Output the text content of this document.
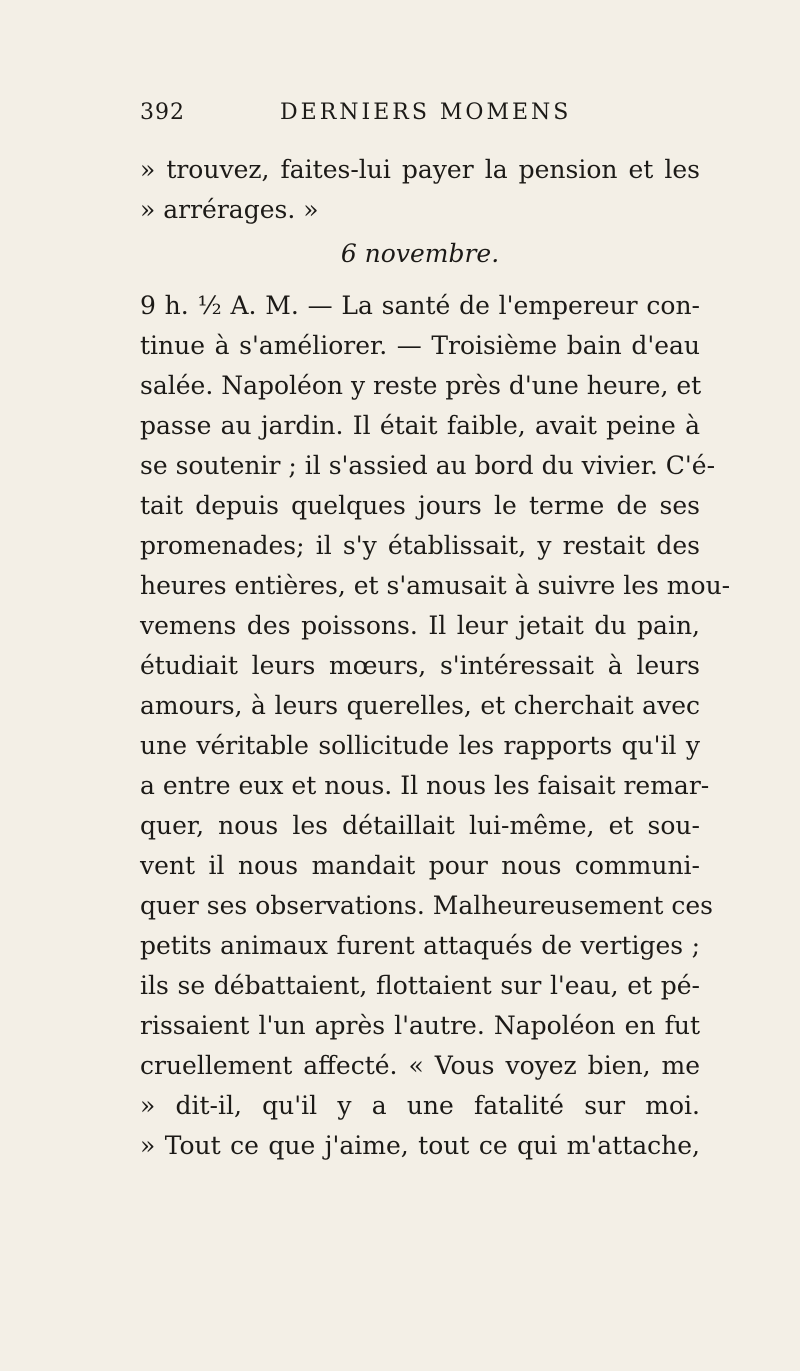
392	DERNIERS MOMENS
» trouvez, faites-lui payer la pension et les
» arrérages. »
6 novembre.
9 h. ½ A. M. — La santé de l'empereur con-
tinue à s'améliorer. — Troisième bain d'eau
salée. Napoléon y reste près d'une heure, et
passe au jardin. Il était faible, avait peine à
se soutenir ; il s'assied au bord du vivier. C'é-
tait depuis quelques jours le terme de ses
promenades; il s'y établissait, y restait des
heures entières, et s'amusait à suivre les mou-
vemens des poissons. Il leur jetait du pain,
étudiait leurs mœurs, s'intéressait à leurs
amours, à leurs querelles, et cherchait avec
une véritable sollicitude les rapports qu'il y
a entre eux et nous. Il nous les faisait remar-
quer, nous les détaillait lui-même, et sou-
vent il nous mandait pour nous communi-
quer ses observations. Malheureusement ces
petits animaux furent attaqués de vertiges ;
ils se débattaient, flottaient sur l'eau, et pé-
rissaient l'un après l'autre. Napoléon en fut
cruellement affecté. « Vous voyez bien, me
» dit-il, qu'il y a une fatalité sur moi.
» Tout ce que j'aime, tout ce qui m'attache,
